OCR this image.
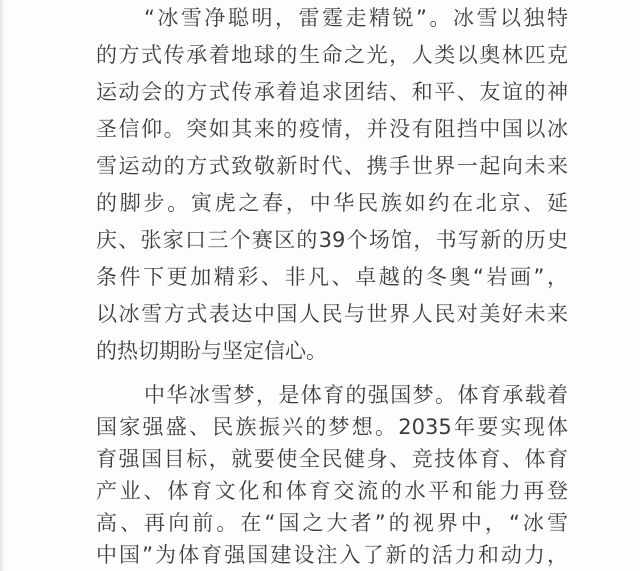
“冰雪净聪明，雷霆走精锐”。冰雪以独特
的方式传承着地球的生命之光，人类以奥林匹克
运动会的方式传承着追求团结、和平、友谊的神
圣信仰。突如其来的疫情，并没有阻挡中国以冰
雪运动的方式致敬新时代、携手世界一起向未来
的脚步。寅虎之春，中华民族如约在北京、延
庆、张家口三个赛区的39个场馆，书写新的历史
条件下更加精彩、非凡、卓越的冬奥“岩画”，
以冰雪方式表达中国人民与世界人民对美好未来
的热切期盼与坚定信心。
中华冰雪梦，是体育的强国梦。体育承载着
国家强盛、民族振兴的梦想。2035年要实现体
育强国目标，就要使全民健身、竞技体育、体育
产业、体育文化和体育交流的水平和能力再登
高、再向前。在“国之大者”的视界中，“冰雪
中国”为体育强国建设注入了新的活力和动力，
